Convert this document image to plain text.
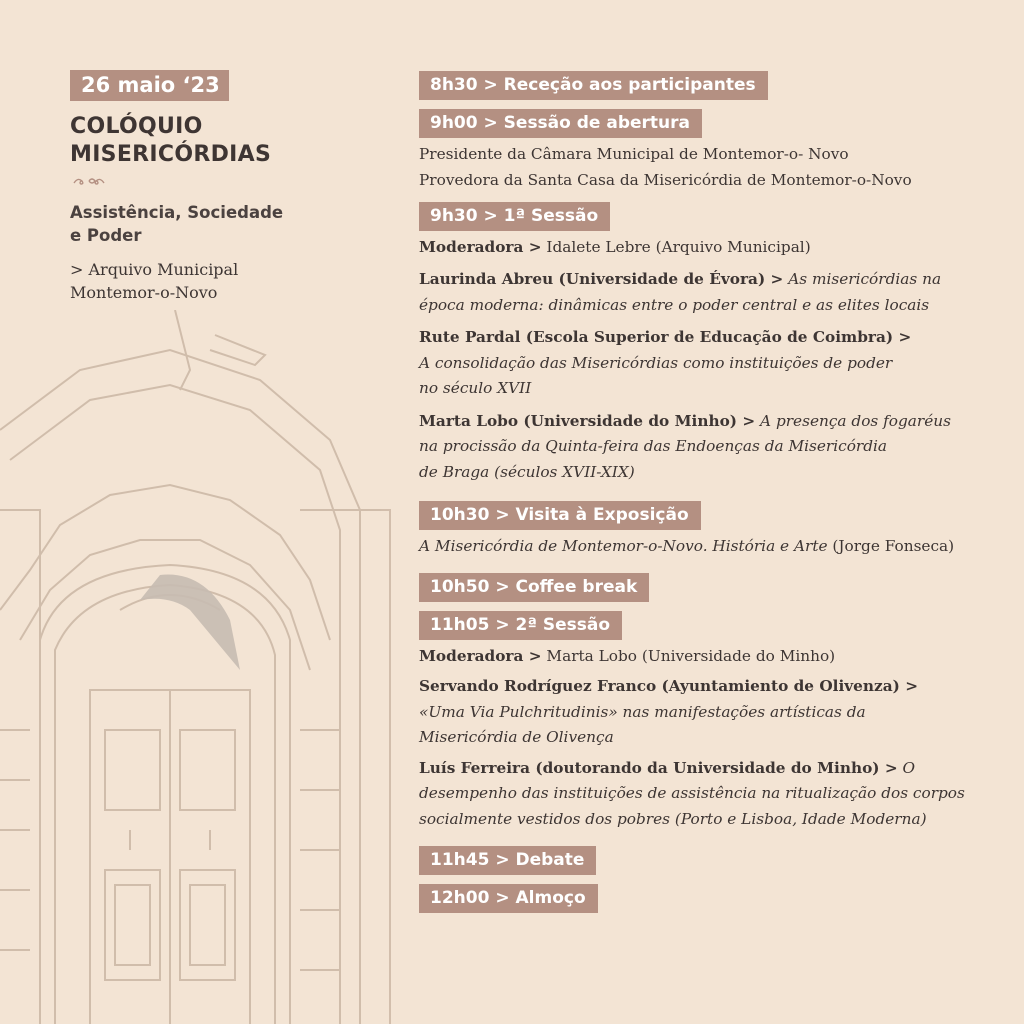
26 maio ‘23
COLÓQUIO
MISERICÓRDIAS
Assistência, Sociedade
e Poder
> Arquivo Municipal
Montemor-o-Novo
8h30 > Receção aos participantes
9h00 > Sessão de abertura
Presidente da Câmara Municipal de Montemor-o- Novo
Provedora da Santa Casa da Misericórdia de Montemor-o-Novo
9h30 > 1ª Sessão
Moderadora > Idalete Lebre (Arquivo Municipal)
Laurinda Abreu (Universidade de Évora) > As misericórdias na
época moderna: dinâmicas entre o poder central e as elites locais
Rute Pardal (Escola Superior de Educação de Coimbra) >
A consolidação das Misericórdias como instituições de poder
no século XVII
Marta Lobo (Universidade do Minho) > A presença dos fogaréus
na procissão da Quinta-feira das Endoenças da Misericórdia
de Braga (séculos XVII-XIX)
10h30 > Visita à Exposição
A Misericórdia de Montemor-o-Novo. História e Arte (Jorge Fonseca)
10h50 > Coffee break
11h05 > 2ª Sessão
Moderadora > Marta Lobo (Universidade do Minho)
Servando Rodríguez Franco (Ayuntamiento de Olivenza) >
«Uma Via Pulchritudinis» nas manifestações artísticas da
Misericórdia de Olivença
Luís Ferreira (doutorando da Universidade do Minho) > O
desempenho das instituições de assistência na ritualização dos corpos
socialmente vestidos dos pobres (Porto e Lisboa, Idade Moderna)
11h45 > Debate
12h00 > Almoço
